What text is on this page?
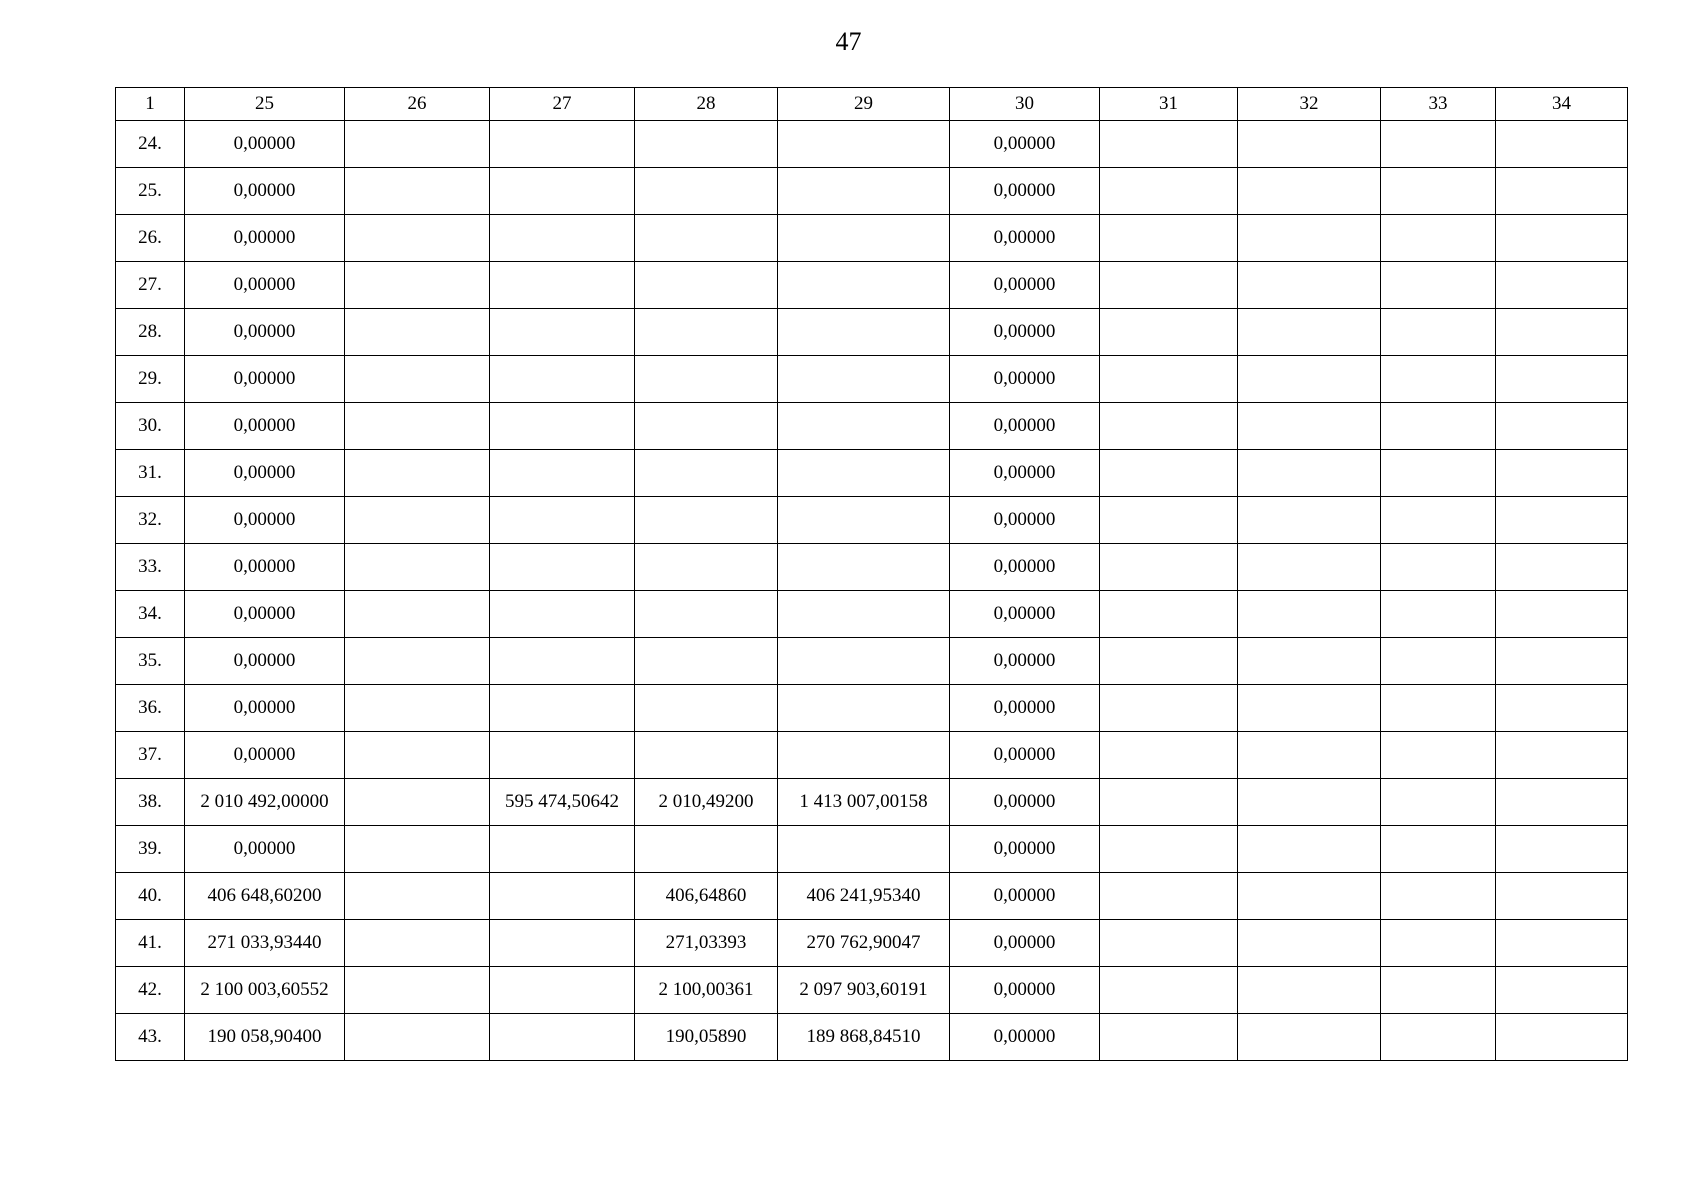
47
1	25	26	27	28	29	30	31	32	33	34
24.	0,00000					0,00000				
25.	0,00000					0,00000				
26.	0,00000					0,00000				
27.	0,00000					0,00000				
28.	0,00000					0,00000				
29.	0,00000					0,00000				
30.	0,00000					0,00000				
31.	0,00000					0,00000				
32.	0,00000					0,00000				
33.	0,00000					0,00000				
34.	0,00000					0,00000				
35.	0,00000					0,00000				
36.	0,00000					0,00000				
37.	0,00000					0,00000				
38.	2 010 492,00000		595 474,50642	2 010,49200	1 413 007,00158	0,00000				
39.	0,00000					0,00000				
40.	406 648,60200			406,64860	406 241,95340	0,00000				
41.	271 033,93440			271,03393	270 762,90047	0,00000				
42.	2 100 003,60552			2 100,00361	2 097 903,60191	0,00000				
43.	190 058,90400			190,05890	189 868,84510	0,00000				
